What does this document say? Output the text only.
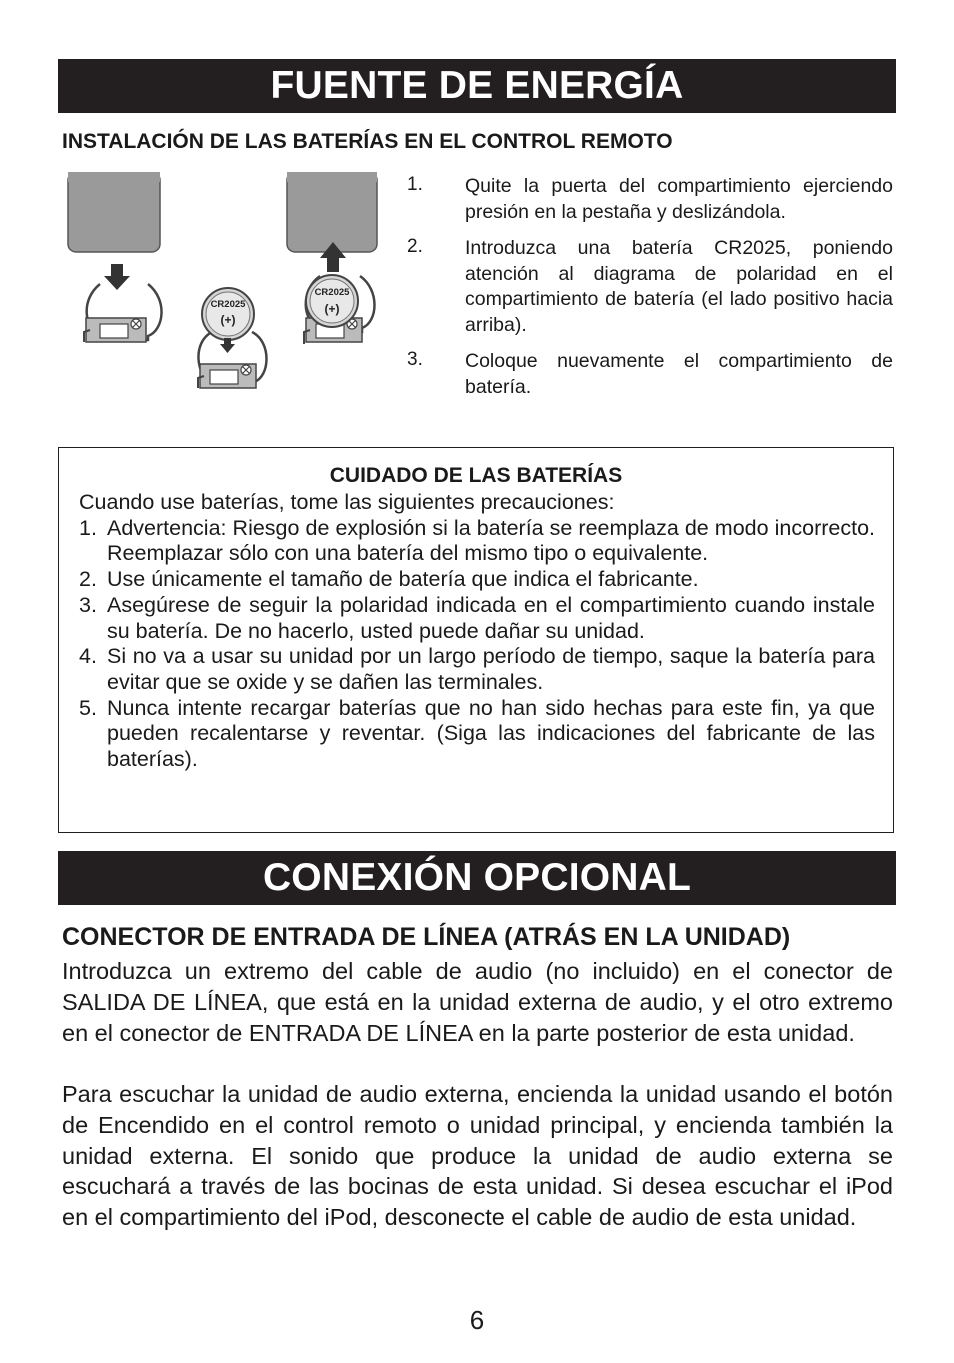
FUENTE DE ENERGÍA
INSTALACIÓN DE LAS BATERÍAS EN EL CONTROL REMOTO
CR2025
(+)
CR2025
(+)
1. Quite la puerta del compartimiento ejerciendo presión en la pestaña y deslizándola.
2. Introduzca una batería CR2025, poniendo atención al diagrama de polaridad en el compartimiento de batería (el lado positivo hacia arriba).
3. Coloque nuevamente el compartimiento de batería.
CUIDADO DE LAS BATERÍAS
Cuando use baterías, tome las siguientes precauciones:
1. Advertencia: Riesgo de explosión si la batería se reemplaza de modo incorrecto. Reemplazar sólo con una batería del mismo tipo o equivalente.
2. Use únicamente el tamaño de batería que indica el fabricante.
3. Asegúrese de seguir la polaridad indicada en el compartimiento cuando instale su batería. De no hacerlo, usted puede dañar su unidad.
4. Si no va a usar su unidad por un largo período de tiempo, saque la batería para evitar que se oxide y se dañen las terminales.
5. Nunca intente recargar baterías que no han sido hechas para este fin, ya que pueden recalentarse y reventar. (Siga las indicaciones del fabricante de las baterías).
CONEXIÓN OPCIONAL
CONECTOR DE ENTRADA DE LÍNEA (ATRÁS EN LA UNIDAD)
Introduzca un extremo del cable de audio (no incluido) en el conector de SALIDA DE LÍNEA, que está en la unidad externa de audio, y el otro extremo en el conector de ENTRADA DE LÍNEA en la parte posterior de esta unidad.
Para escuchar la unidad de audio externa, encienda la unidad usando el botón de Encendido en el control remoto o unidad principal, y encienda también la unidad externa. El sonido que produce la unidad de audio externa se escuchará a través de las bocinas de esta unidad. Si desea escuchar el iPod en el compartimiento del iPod, desconecte el cable de audio de esta unidad.
6
